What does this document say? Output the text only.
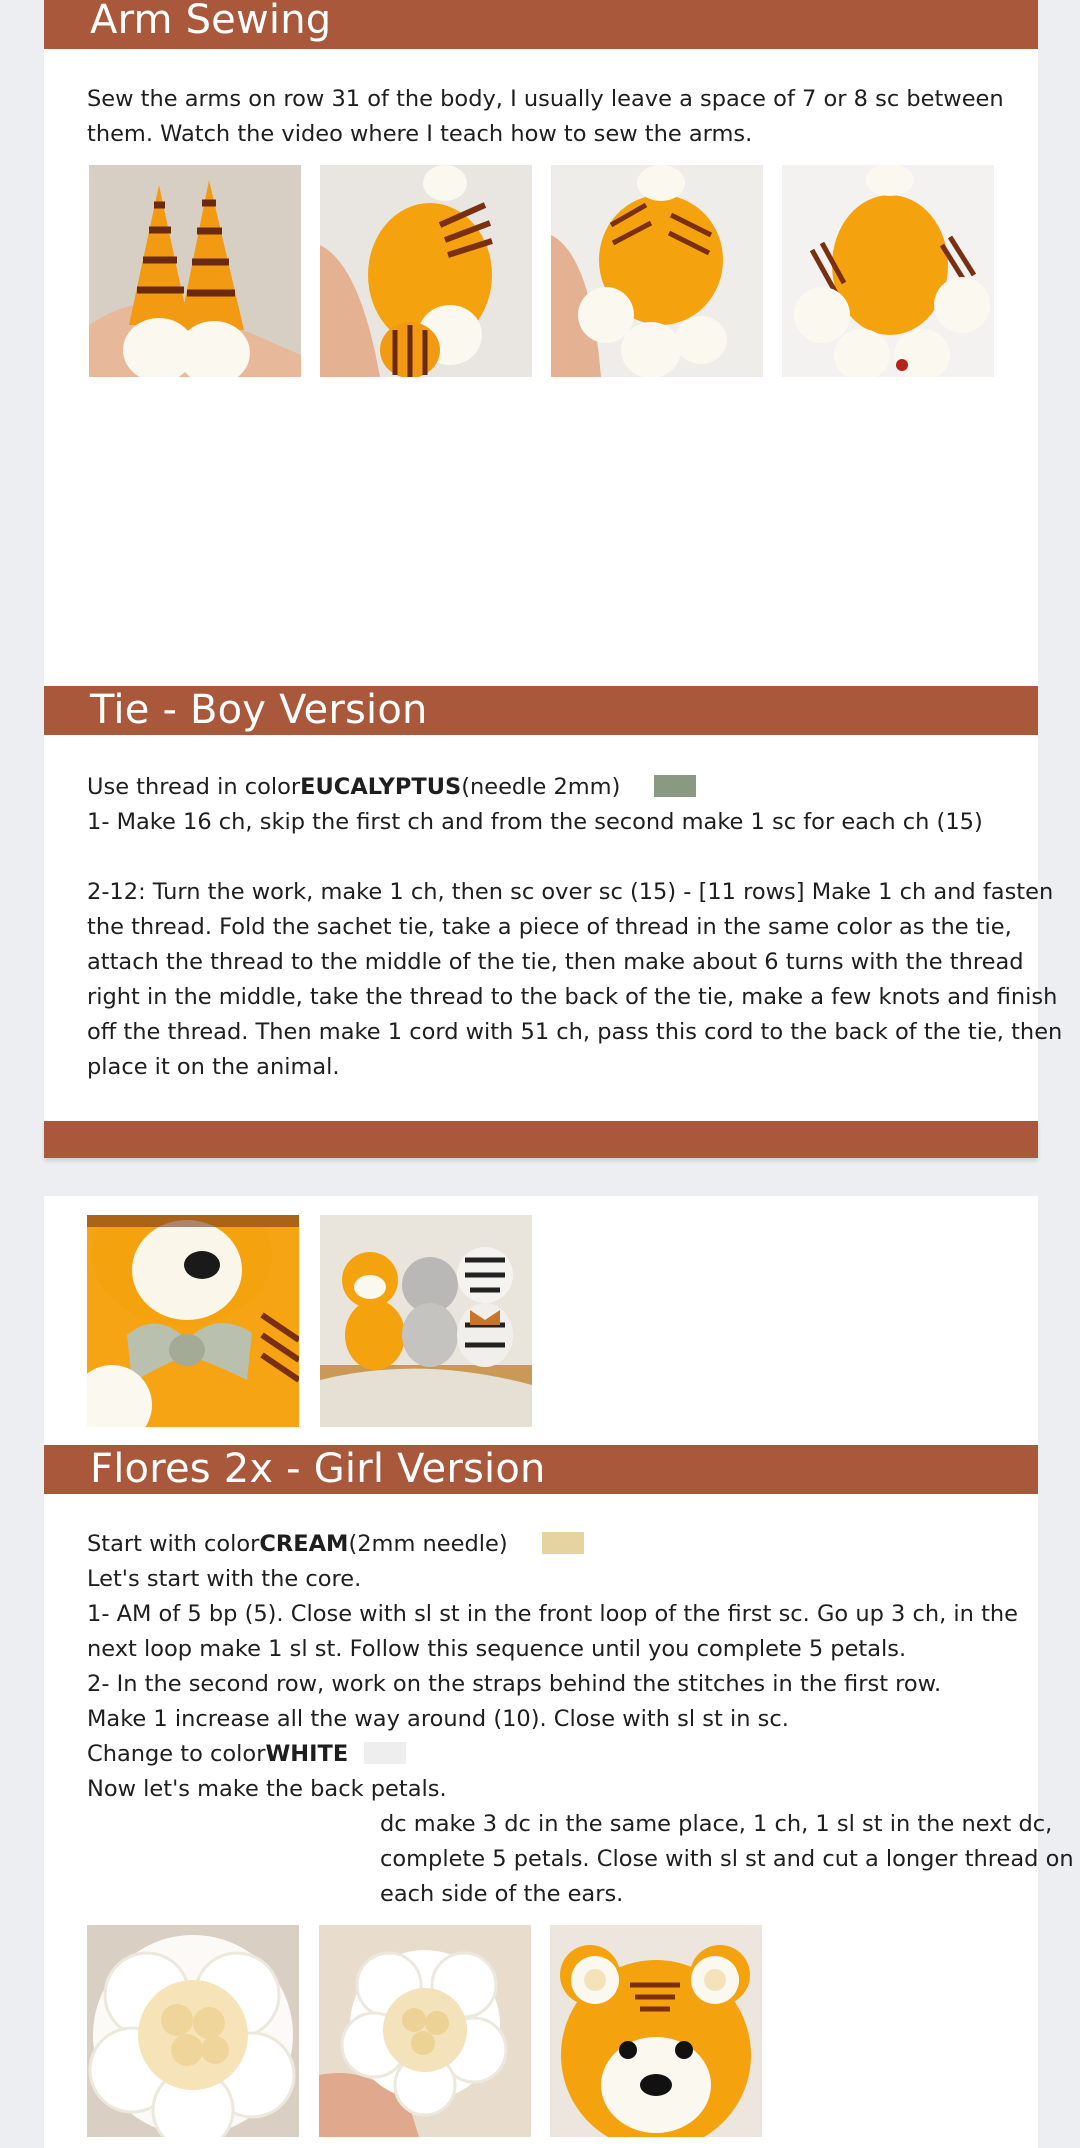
Arm Sewing
Sew the arms on row 31 of the body, I usually leave a space of 7 or 8 sc between
them. Watch the video where I teach how to sew the arms.
Tie - Boy Version
Use thread in colorEUCALYPTUS(needle 2mm)
1- Make 16 ch, skip the first ch and from the second make 1 sc for each ch (15)
2-12: Turn the work, make 1 ch, then sc over sc (15) - [11 rows] Make 1 ch and fasten
the thread. Fold the sachet tie, take a piece of thread in the same color as the tie,
attach the thread to the middle of the tie, then make about 6 turns with the thread
right in the middle, take the thread to the back of the tie, make a few knots and finish
off the thread. Then make 1 cord with 51 ch, pass this cord to the back of the tie, then
place it on the animal.
Flores 2x - Girl Version
Start with colorCREAM(2mm needle)
Let's start with the core.
1- AM of 5 bp (5). Close with sl st in the front loop of the first sc. Go up 3 ch, in the
next loop make 1 sl st. Follow this sequence until you complete 5 petals.
2- In the second row, work on the straps behind the stitches in the first row.
Make 1 increase all the way around (10). Close with sl st in sc.
Change to colorWHITE
Now let's make the back petals.
dc make 3 dc in the same place, 1 ch, 1 sl st in the next dc,
complete 5 petals. Close with sl st and cut a longer thread on
each side of the ears.
